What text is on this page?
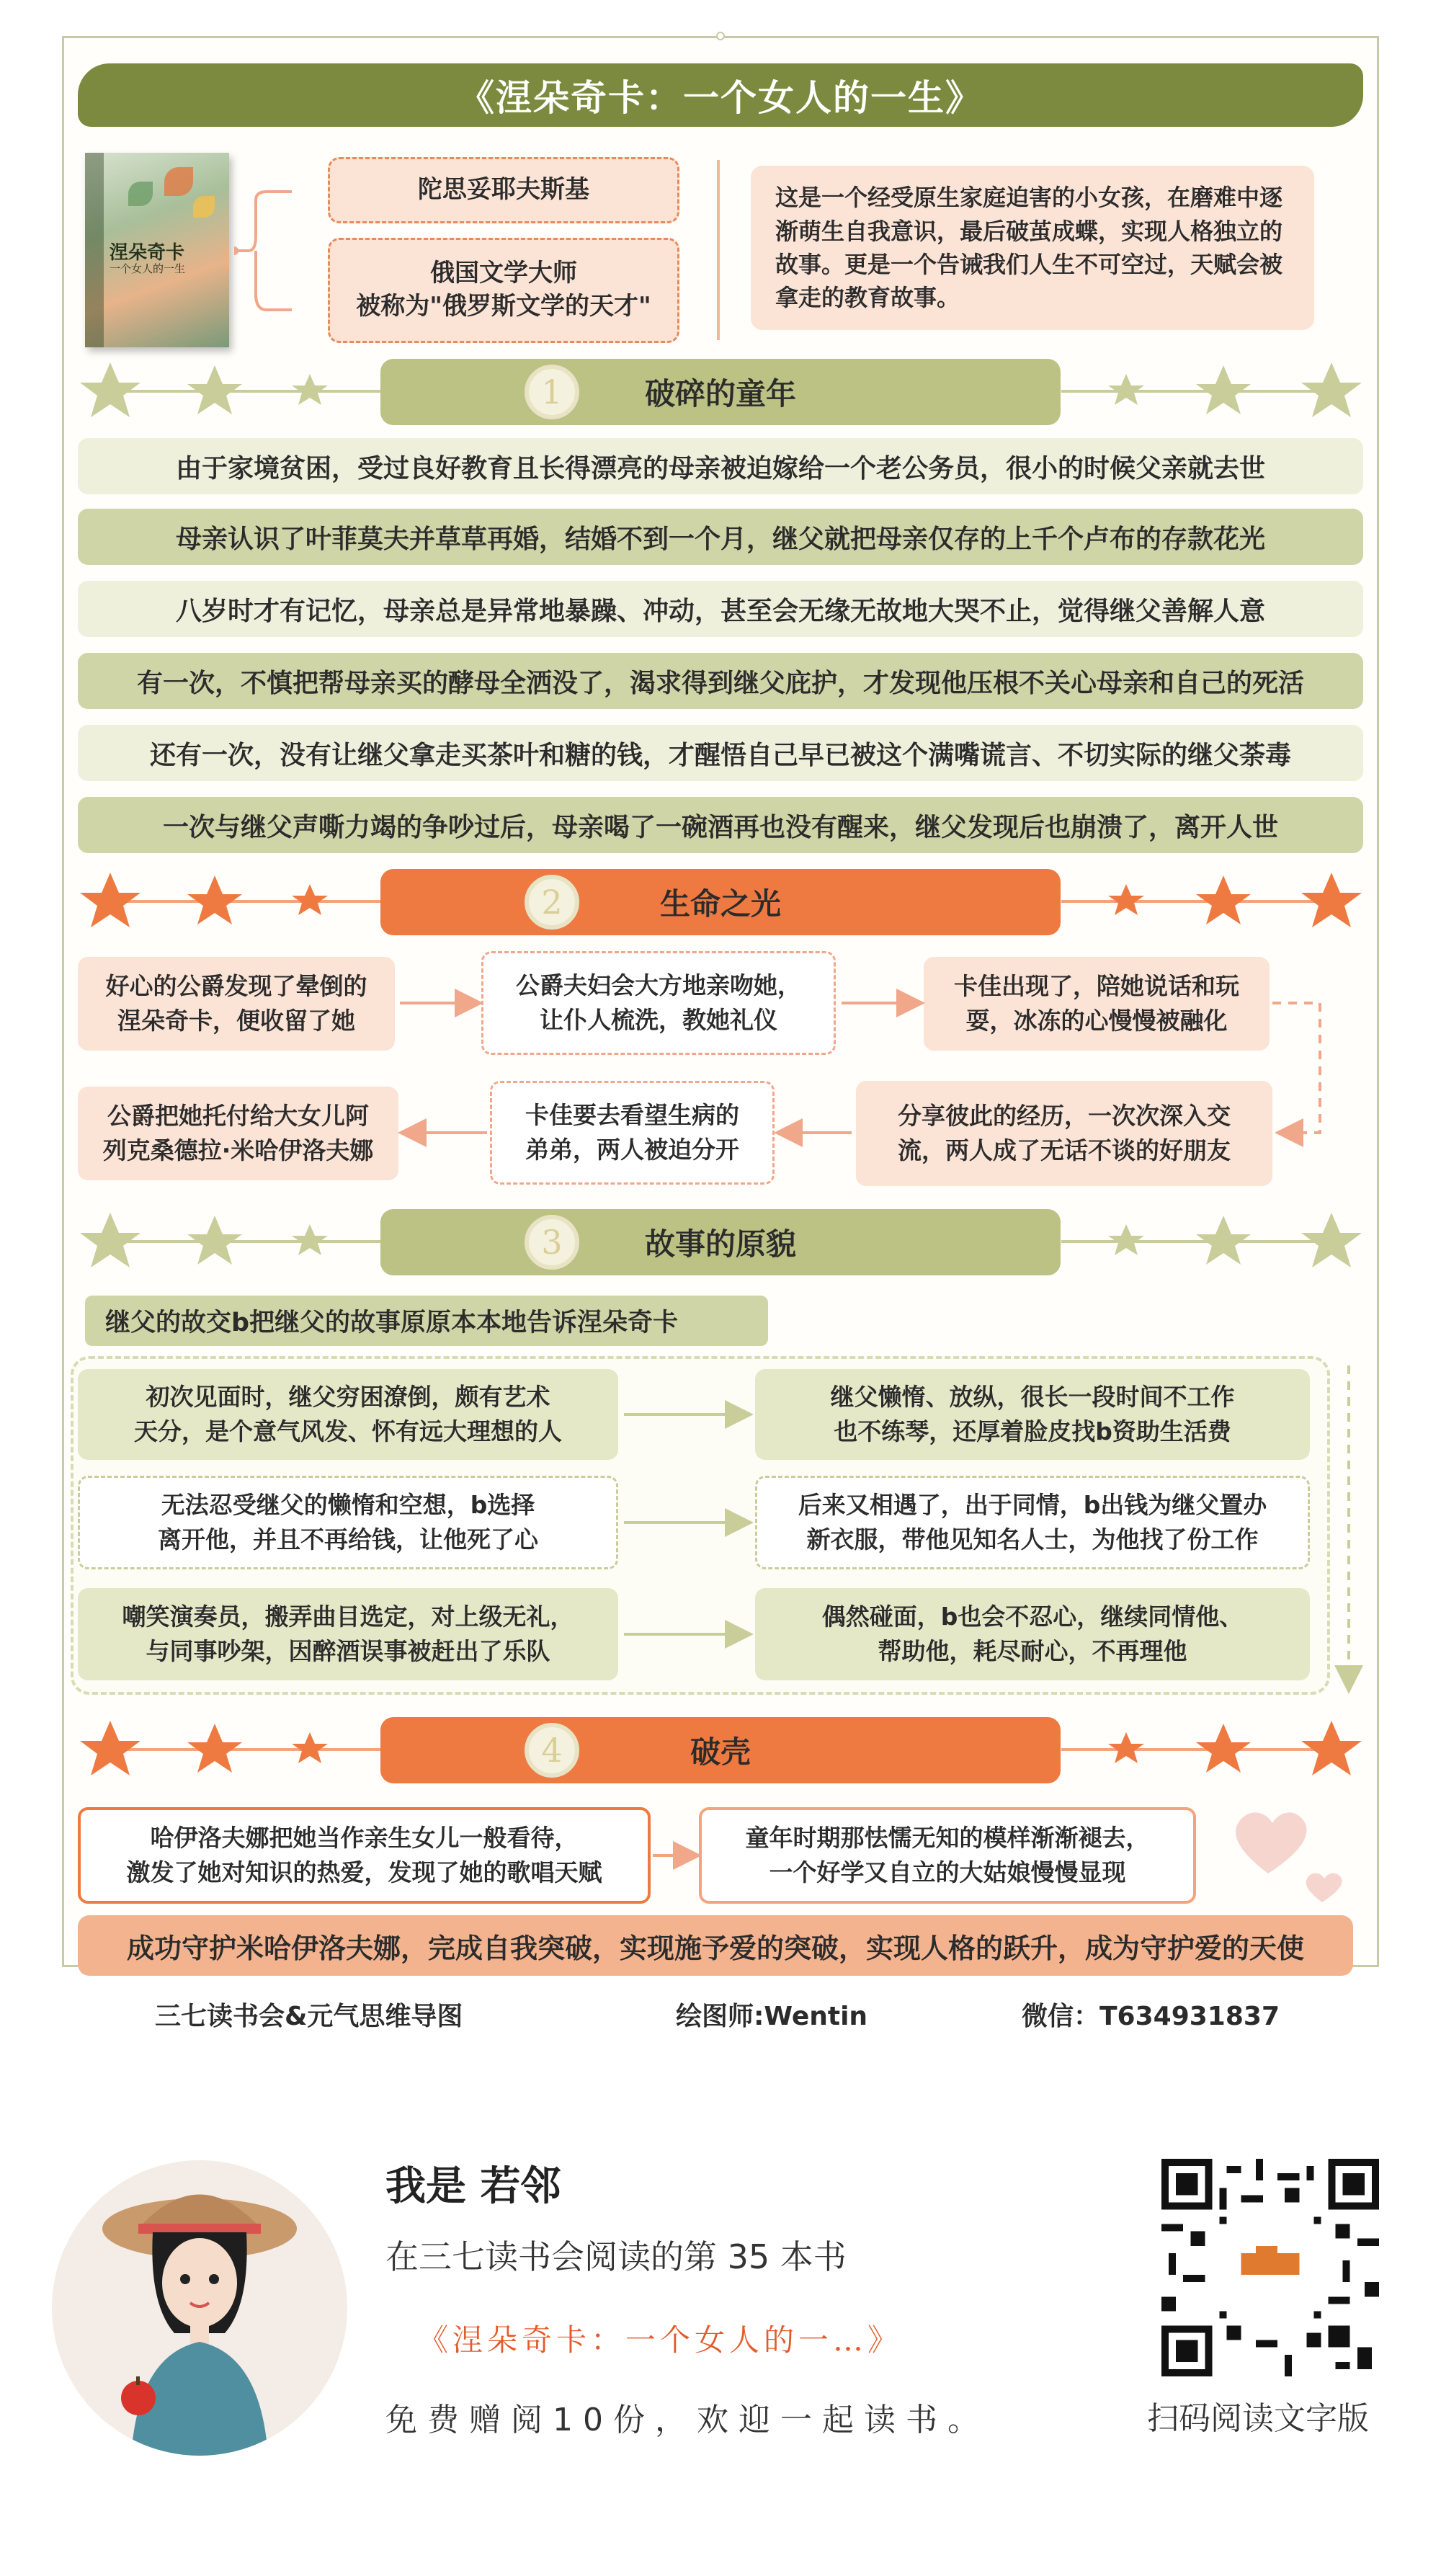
《涅朵奇卡：一个女人的一生》
涅朵奇卡
一个女人的一生
陀思妥耶夫斯基
俄国文学大师
被称为"俄罗斯文学的天才"
这是一个经受原生家庭迫害的小女孩，在磨难中逐渐萌生自我意识，最后破茧成蝶，实现人格独立的故事。更是一个告诫我们人生不可空过，天赋会被拿走的教育故事。
1	破碎的童年
由于家境贫困，受过良好教育且长得漂亮的母亲被迫嫁给一个老公务员，很小的时候父亲就去世
母亲认识了叶菲莫夫并草草再婚，结婚不到一个月，继父就把母亲仅存的上千个卢布的存款花光
八岁时才有记忆，母亲总是异常地暴躁、冲动，甚至会无缘无故地大哭不止，觉得继父善解人意
有一次，不慎把帮母亲买的酵母全洒没了，渴求得到继父庇护，才发现他压根不关心母亲和自己的死活
还有一次，没有让继父拿走买茶叶和糖的钱，才醒悟自己早已被这个满嘴谎言、不切实际的继父荼毒
一次与继父声嘶力竭的争吵过后，母亲喝了一碗酒再也没有醒来，继父发现后也崩溃了，离开人世
2	生命之光
好心的公爵发现了晕倒的
涅朵奇卡，便收留了她
公爵夫妇会大方地亲吻她，
让仆人梳洗，教她礼仪
卡佳出现了，陪她说话和玩
耍，冰冻的心慢慢被融化
公爵把她托付给大女儿阿
列克桑德拉·米哈伊洛夫娜
卡佳要去看望生病的
弟弟，两人被迫分开
分享彼此的经历，一次次深入交
流，两人成了无话不谈的好朋友
3	故事的原貌
继父的故交b把继父的故事原原本本地告诉涅朵奇卡
初次见面时，继父穷困潦倒，颇有艺术
天分，是个意气风发、怀有远大理想的人
无法忍受继父的懒惰和空想，b选择
离开他，并且不再给钱，让他死了心
嘲笑演奏员，搬弄曲目选定，对上级无礼，
与同事吵架，因醉酒误事被赶出了乐队
继父懒惰、放纵，很长一段时间不工作
也不练琴，还厚着脸皮找b资助生活费
后来又相遇了，出于同情，b出钱为继父置办
新衣服，带他见知名人士，为他找了份工作
偶然碰面，b也会不忍心，继续同情他、
帮助他，耗尽耐心，不再理他
4	破壳
哈伊洛夫娜把她当作亲生女儿一般看待，
激发了她对知识的热爱，发现了她的歌唱天赋
童年时期那怯懦无知的模样渐渐褪去，
一个好学又自立的大姑娘慢慢显现
成功守护米哈伊洛夫娜，完成自我突破，实现施予爱的突破，实现人格的跃升，成为守护爱的天使
三七读书会&元气思维导图	绘图师:Wentin	微信：T634931837
我是 若邻
在三七读书会阅读的第 35 本书
《涅朵奇卡：一个女人的一…》
免费赠阅10份，欢迎一起读书。	扫码阅读文字版
